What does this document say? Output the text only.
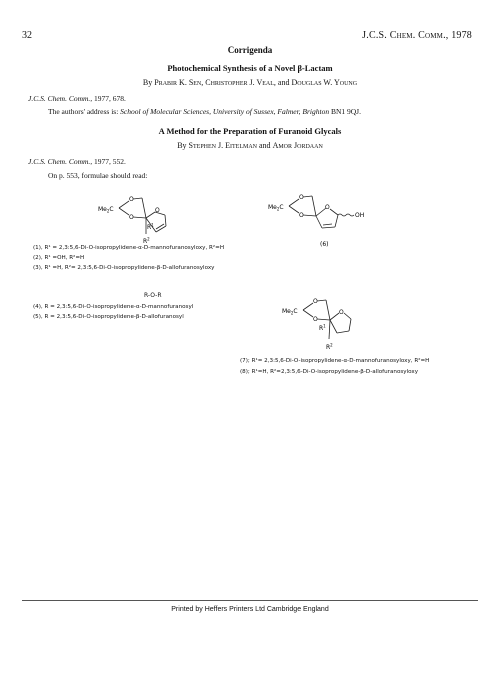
32	J.C.S. Chem. Comm., 1978
Corrigenda
Photochemical Synthesis of a Novel β-Lactam
By Prabir K. Sen, Christopher J. Veal, and Douglas W. Young
J.C.S. Chem. Comm., 1977, 678.
The authors' address is: School of Molecular Sciences, University of Sussex, Falmer, Brighton BN1 9QJ.
A Method for the Preparation of Furanoid Glycals
By Stephen J. Eitelman and Amor Jordaan
J.C.S. Chem. Comm., 1977, 552.
On p. 553, formulae should read:
$Me_2C$
O
O
O
$R^1$
$R^2$
$Me_2C$
O
O
O
OH
(6)
(1), R¹ = 2,3:5,6-Di-O-isopropylidene-α-D-mannofuranosyloxy, R²=H
(2), R¹ =OH, R²=H
(3), R¹ =H, R²= 2,3:5,6-Di-O-isopropylidene-β-D-allofuranosyloxy
R-O-R
(4), R = 2,3:5,6-Di-O-isopropylidene-α-D-mannofuranosyl
(5), R = 2,3:5,6-Di-O-isopropylidene-β-D-allofuranosyl
$Me_2C$
O
O
O
$R^1$
$R^2$
(7); R¹= 2,3:5,6-Di-O-isopropylidene-α-D-mannofuranosyloxy, R²=H
(8); R¹=H, R²=2,3:5,6-Di-O-isopropylidene-β-D-allofuranosyloxy
Printed by Heffers Printers Ltd Cambridge England
